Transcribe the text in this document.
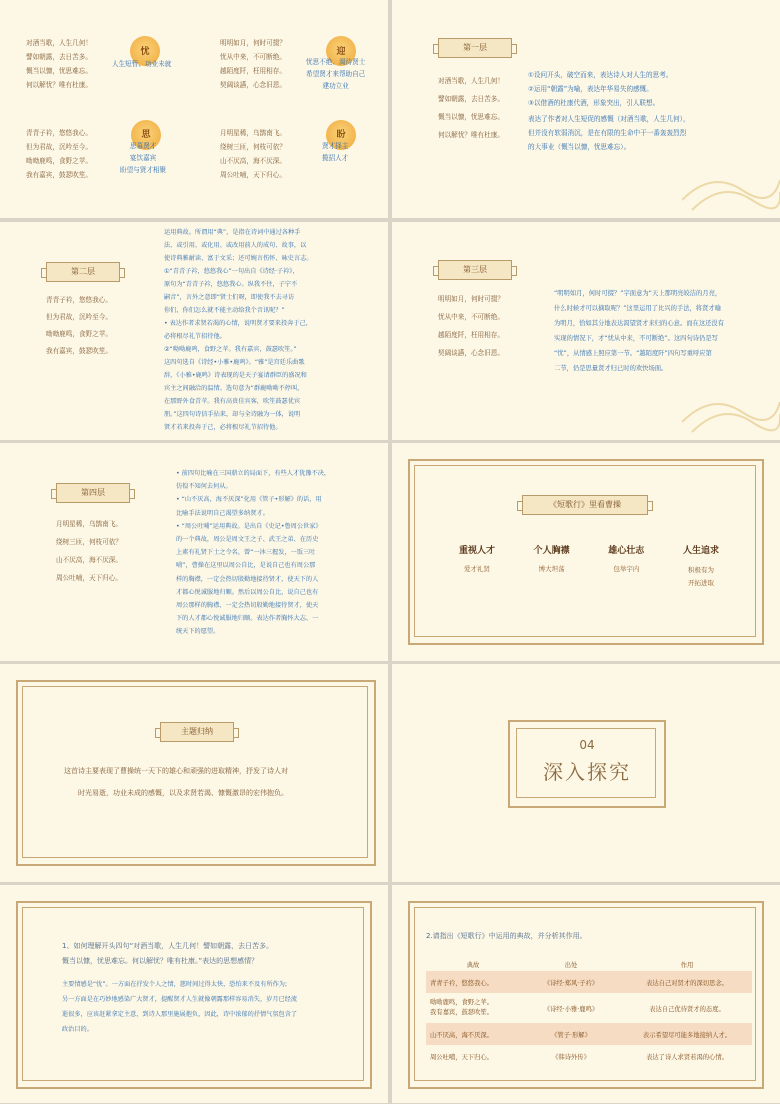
对酒当歌，人生几何！
譬如朝露，去日苦多。
慨当以慷，忧思难忘。
何以解忧？唯有杜康。
忧
人生短暂、功业未就
明明如月，何时可掇？
忧从中来，不可断绝。
越陌度阡，枉用相存。
契阔谈讌，心念旧恩。
迎
忧思不绝、渴待贤士
希望贤才来帮助自己
建功立业
青青子衿，悠悠我心。
但为君故，沉吟至今。
呦呦鹿鸣，食野之苹。
我有嘉宾，鼓瑟吹笙。
思
思慕贤才
宴饮嘉宾
盼望与贤才相聚
月明星稀，乌鹊南飞。
绕树三匝，何枝可依？
山不厌高，海不厌深。
周公吐哺，天下归心。
盼
贤才择主
揽招人才
第一层
对酒当歌，人生几何！
譬如朝露，去日苦多。
慨当以慷，忧思难忘。
何以解忧？唯有杜康。
①设问开头，破空而来，表达诗人对人生的思考。
②运用“朝露”为喻，表达年华易失的感慨。
③以借酒的杜康代酒，形象突出，引人联想。
表达了作者对人生短促的感慨（对酒当歌，人生几何），
但并没有软弱消沉，是在有限的生命中干一番轰轰烈烈
的大事业（慨当以慷，忧思难忘）。
第二层
青青子衿，悠悠我心。
但为君故，沉吟至今。
呦呦鹿鸣，食野之苹。
我有嘉宾，鼓瑟吹笙。
运用典故。所谓用“典”，是指在诗词中通过各种手
法、或引用、或化用、或改用前人的成句、故事，以
使诗典雅耐读、富于文采；还可婉言伤怀、咏史言志。
①“青青子衿，悠悠我心”一句出自《诗经·子衿》，
原句为“青青子衿，悠悠我心。纵我不往，子宁不
嗣音”，言外之意即“贤士们呀，即使我不去寻访
你们，你们怎么就不能主动给我个音讯呢？”
• 表达作者求贤若渴的心情，说明贤才要来投奔于己，
必将根尽礼节招待他。
②“呦呦鹿鸣，食野之苹。我有嘉宾，鼓瑟吹笙。”
这四句选自《诗经•小雅•鹿鸣》。“雅”是宫廷乐曲歌
辞，《小雅•鹿鸣》诗表现的是天子宴请群臣的盛况和
宾主之间融洽的温情。选句意为“群鹿呦呦不停叫，
在那野外食青苹。我有高贵佳宾客，吹笙鼓瑟优宾
朋。”这四句诗信手拈来，却与全诗融为一体，说明
贤才若来投奔于己，必将根尽礼节招待他。
第三层
明明如月，何时可掇？
忧从中来，不可断绝。
越陌度阡，枉用相存。
契阔谈讌，心念旧恩。
“明明如月，何时可掇？”字面意为“天上那明亮皎洁的月亮，
什么时候才可以摘取呢？”这里运用了比兴的手法，将贤才喻
为明月，恰如其分地表达渴望贤才来归的心意。而在这还没有
实现的情况下，才“忧从中来，不可断绝”。这四句诗仍是写
“忧”，从情感上照应第一节。“越陌度阡”四句写重呼应第
二节，仍是思量贤才归已时的欢快场面。
第四层
月明星稀，乌鹊南飞。
绕树三匝，何枝可依？
山不厌高，海不厌深。
周公吐哺，天下归心。
• 前四句比喻在三国鼎立的局面下，有些人才犹豫不决，
仿徨不知何去何从。
• “山不厌高，海不厌深”化用《管子•形解》的话，用
比喻手法说明自己渴望多纳贤才。
• “周公吐哺”运用典故。是出自《史记•鲁周公世家》
的一个典故，周公是周文王之子、武王之弟、在历史
上素有礼贤下士之令名，曾“一沐三握发，一饭三吐
哺”，曹操在这里以周公自比，是说自己也有周公那
样的胸襟，一定会热切殷勤地接待贤才，使天下的人
才都心悦诚服地归顺。然后以周公自比，说自己也有
周公那样的胸襟，一定会热切殷勤地接待贤才，使天
下的人才都心悦诚服地归顺。表达作者胸怀大志、一
统天下的愿望。
《短歌行》里看曹操
重视人才
爱才礼贤
个人胸襟
博大坦荡
雄心壮志
包举宇内
人生追求
积极有为
开拓进取
主题归纳
这首诗主要表现了曹操统一天下的雄心和顽强的进取精神，抒发了诗人对
时光易逝，功业未成的感慨，以及求贤若渴、慷慨激昂的宏伟抱负。
04
深入探究
1、如何理解开头四句“对酒当歌，人生几何！譬如朝露，去日苦多。
慨当以慷，忧思难忘。何以解忧？唯有杜康。”表达的思想感情？
主要情感是“忧”。一方面在抒发个人之情，慈时间过得太快，恐怕来不及有所作为;
另一方面是在巧妙地感染广大贤才，提醒贤才人生就像朝露那样容易消失，岁月已经流
逝很多，应该赶紧拿定主意，到诗人那里施展抱负，因此，诗中浓郁的抒情气氛包含了
政治目的。
2.请指出《短歌行》中运用的典故，并分析其作用。
典故	出处	作用
青青子衿，悠悠我心。	《诗经·郑风·子衿》	表达自己对贤才的深切思念。

呦呦鹿鸣，食野之苹。
我有嘉宾，鼓瑟吹笙。	《诗经·小雅·鹿鸣》	表达自己优待贤才的态度。
山不厌高，海不厌深。	《管子·形解》	表示希望尽可能多地接纳人才。
周公吐哺，天下归心。	《韩诗外传》	表达了诗人求贤若渴的心情。
